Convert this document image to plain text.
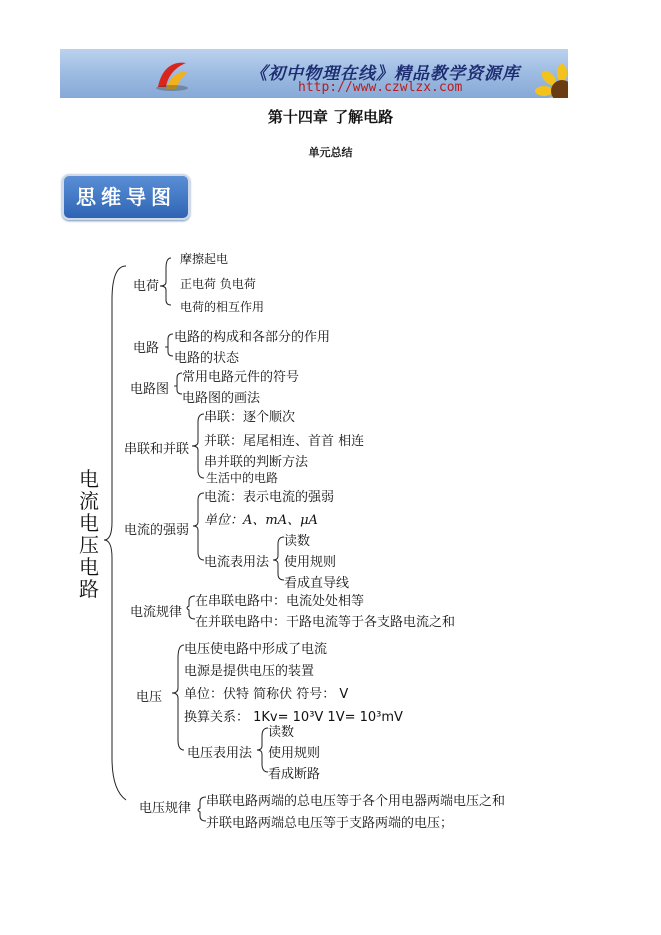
《初中物理在线》精品教学资源库
http://www.czwlzx.com
第十四章 了解电路
单元总结
思维导图
电流电压电路
电荷
摩擦起电
正电荷 负电荷
电荷的相互作用
电路
电路的构成和各部分的作用
电路的状态
电路图
常用电路元件的符号
电路图的画法
串联和并联
串联：逐个顺次
并联：尾尾相连、首首 相连
串并联的判断方法
生活中的电路
电流的强弱
电流：表示电流的强弱
单位：A、mA、μA
电流表用法
读数
使用规则
看成直导线
电流规律
在串联电路中：电流处处相等
在并联电路中：干路电流等于各支路电流之和
电压
电压使电路中形成了电流
电源是提供电压的装置
单位：伏特 简称伏 符号： V
换算关系： 1Kv= 10³V 1V= 10³mV
电压表用法
读数
使用规则
看成断路
电压规律 串联电路两端的总电压等于各个用电器两端电压之和
并联电路两端总电压等于支路两端的电压；
